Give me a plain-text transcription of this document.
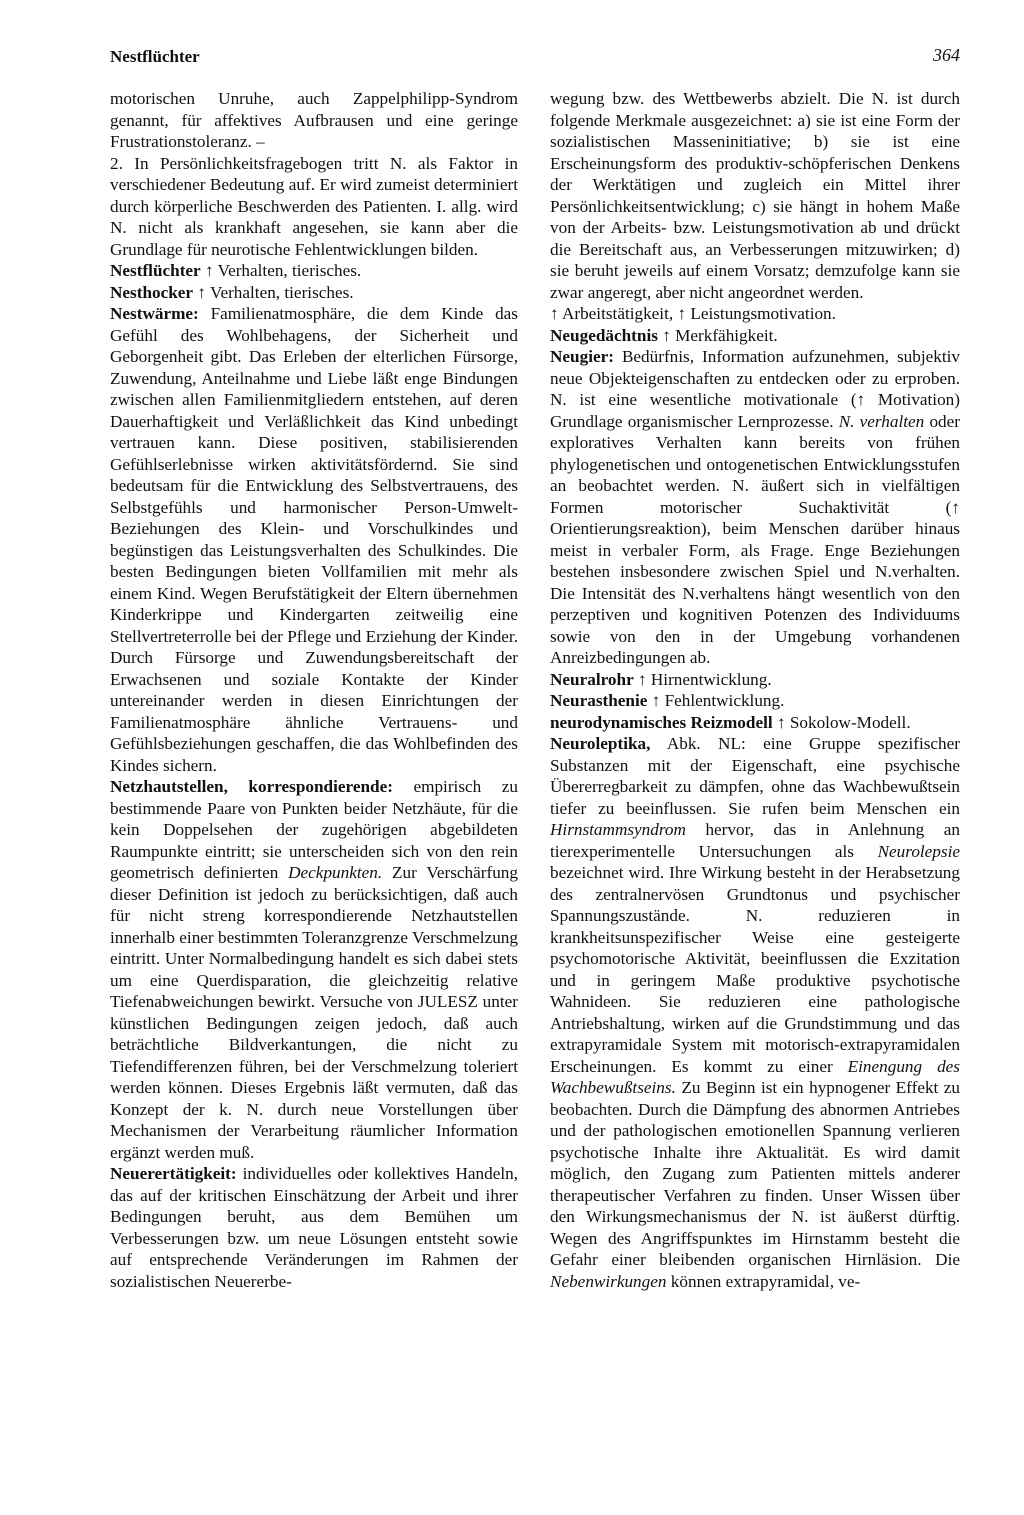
Nestflüchter	364

motorischen Unruhe, auch Zappelphilipp-Syndrom genannt, für affektives Aufbrausen und eine geringe Frustrationstoleranz. –

2. In Persönlichkeitsfragebogen tritt N. als Faktor in verschiedener Bedeutung auf. Er wird zumeist determiniert durch körperliche Beschwerden des Patienten. I. allg. wird N. nicht als krankhaft angesehen, sie kann aber die Grundlage für neurotische Fehlentwicklungen bilden.

Nestflüchter ↑ Verhalten, tierisches.

Nesthocker ↑ Verhalten, tierisches.

Nestwärme: Familienatmosphäre, die dem Kinde das Gefühl des Wohlbehagens, der Sicherheit und Geborgenheit gibt. Das Erleben der elterlichen Fürsorge, Zuwendung, Anteilnahme und Liebe läßt enge Bindungen zwischen allen Familienmitgliedern entstehen, auf deren Dauerhaftigkeit und Verläßlichkeit das Kind unbedingt vertrauen kann. Diese positiven, stabilisierenden Gefühlserlebnisse wirken aktivitätsfördernd. Sie sind bedeutsam für die Entwicklung des Selbstvertrauens, des Selbstgefühls und harmonischer Person-Umwelt-Beziehungen des Klein- und Vorschulkindes und begünstigen das Leistungsverhalten des Schulkindes. Die besten Bedingungen bieten Vollfamilien mit mehr als einem Kind. Wegen Berufstätigkeit der Eltern übernehmen Kinderkrippe und Kindergarten zeitweilig eine Stellvertreterrolle bei der Pflege und Erziehung der Kinder. Durch Fürsorge und Zuwendungsbereitschaft der Erwachsenen und soziale Kontakte der Kinder untereinander werden in diesen Einrichtungen der Familienatmosphäre ähnliche Vertrauens- und Gefühlsbeziehungen geschaffen, die das Wohlbefinden des Kindes sichern.

Netzhautstellen, korrespondierende: empirisch zu bestimmende Paare von Punkten beider Netzhäute, für die kein Doppelsehen der zugehörigen abgebildeten Raumpunkte eintritt; sie unterscheiden sich von den rein geometrisch definierten Deckpunkten. Zur Verschärfung dieser Definition ist jedoch zu berücksichtigen, daß auch für nicht streng korrespondierende Netzhautstellen innerhalb einer bestimmten Toleranzgrenze Verschmelzung eintritt. Unter Normalbedingung handelt es sich dabei stets um eine Querdisparation, die gleichzeitig relative Tiefenabweichungen bewirkt. Versuche von JULESZ unter künstlichen Bedingungen zeigen jedoch, daß auch beträchtliche Bildverkantungen, die nicht zu Tiefendifferenzen führen, bei der Verschmelzung toleriert werden können. Dieses Ergebnis läßt vermuten, daß das Konzept der k. N. durch neue Vorstellungen über Mechanismen der Verarbeitung räumlicher Information ergänzt werden muß.

Neuerertätigkeit: individuelles oder kollektives Handeln, das auf der kritischen Einschätzung der Arbeit und ihrer Bedingungen beruht, aus dem Bemühen um Verbesserungen bzw. um neue Lösungen entsteht sowie auf entsprechende Veränderungen im Rahmen der sozialistischen Neuererbe-

wegung bzw. des Wettbewerbs abzielt. Die N. ist durch folgende Merkmale ausgezeichnet: a) sie ist eine Form der sozialistischen Masseninitiative; b) sie ist eine Erscheinungsform des produktiv-schöpferischen Denkens der Werktätigen und zugleich ein Mittel ihrer Persönlichkeitsentwicklung; c) sie hängt in hohem Maße von der Arbeits- bzw. Leistungsmotivation ab und drückt die Bereitschaft aus, an Verbesserungen mitzuwirken; d) sie beruht jeweils auf einem Vorsatz; demzufolge kann sie zwar angeregt, aber nicht angeordnet werden.

↑ Arbeitstätigkeit, ↑ Leistungsmotivation.

Neugedächtnis ↑ Merkfähigkeit.

Neugier: Bedürfnis, Information aufzunehmen, subjektiv neue Objekteigenschaften zu entdecken oder zu erproben. N. ist eine wesentliche motivationale (↑ Motivation) Grundlage organismischer Lernprozesse. N. verhalten oder exploratives Verhalten kann bereits von frühen phylogenetischen und ontogenetischen Entwicklungsstufen an beobachtet werden. N. äußert sich in vielfältigen Formen motorischer Suchaktivität (↑ Orientierungsreaktion), beim Menschen darüber hinaus meist in verbaler Form, als Frage. Enge Beziehungen bestehen insbesondere zwischen Spiel und N.verhalten. Die Intensität des N.verhaltens hängt wesentlich von den perzeptiven und kognitiven Potenzen des Individuums sowie von den in der Umgebung vorhandenen Anreizbedingungen ab.

Neuralrohr ↑ Hirnentwicklung.

Neurasthenie ↑ Fehlentwicklung.

neurodynamisches Reizmodell ↑ Sokolow-Modell.

Neuroleptika, Abk. NL: eine Gruppe spezifischer Substanzen mit der Eigenschaft, eine psychische Übererregbarkeit zu dämpfen, ohne das Wachbewußtsein tiefer zu beeinflussen. Sie rufen beim Menschen ein Hirnstammsyndrom hervor, das in Anlehnung an tierexperimentelle Untersuchungen als Neurolepsie bezeichnet wird. Ihre Wirkung besteht in der Herabsetzung des zentralnervösen Grundtonus und psychischer Spannungszustände. N. reduzieren in krankheitsunspezifischer Weise eine gesteigerte psychomotorische Aktivität, beeinflussen die Exzitation und in geringem Maße produktive psychotische Wahnideen. Sie reduzieren eine pathologische Antriebshaltung, wirken auf die Grundstimmung und das extrapyramidale System mit motorisch-extrapyramidalen Erscheinungen. Es kommt zu einer Einengung des Wachbewußtseins. Zu Beginn ist ein hypnogener Effekt zu beobachten. Durch die Dämpfung des abnormen Antriebes und der pathologischen emotionellen Spannung verlieren psychotische Inhalte ihre Aktualität. Es wird damit möglich, den Zugang zum Patienten mittels anderer therapeutischer Verfahren zu finden. Unser Wissen über den Wirkungsmechanismus der N. ist äußerst dürftig. Wegen des Angriffspunktes im Hirnstamm besteht die Gefahr einer bleibenden organischen Hirnläsion. Die Nebenwirkungen können extrapyramidal, ve-
